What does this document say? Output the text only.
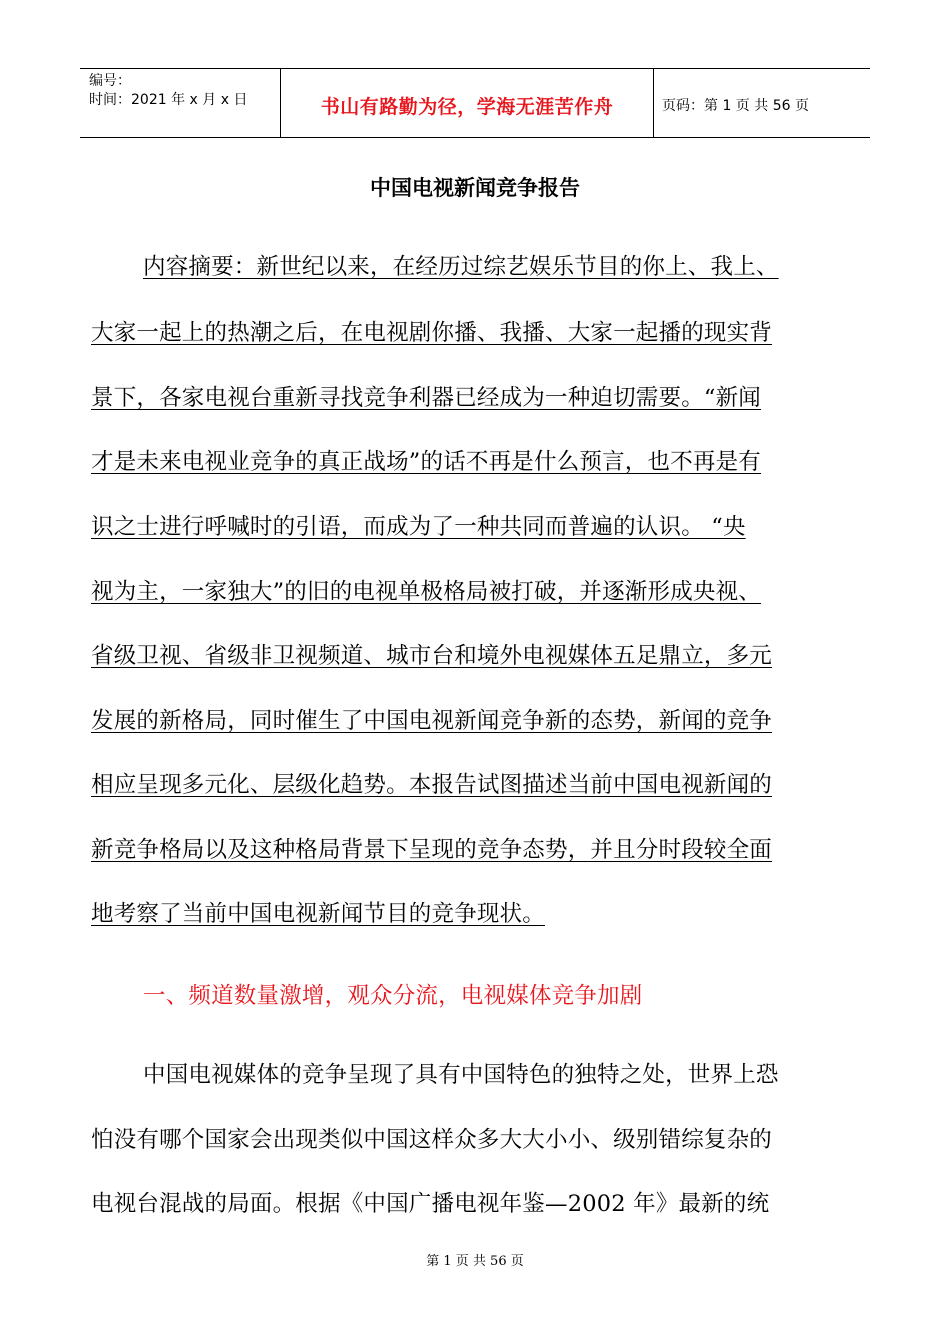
编号：
时间：2021 年 x 月 x 日	书山有路勤为径，学海无涯苦作舟	页码：第 1 页 共 56 页
中国电视新闻竞争报告
内容摘要：新世纪以来，在经历过综艺娱乐节目的你上、我上、
大家一起上的热潮之后，在电视剧你播、我播、大家一起播的现实背
景下，各家电视台重新寻找竞争利器已经成为一种迫切需要。“新闻
才是未来电视业竞争的真正战场”的话不再是什么预言，也不再是有
识之士进行呼喊时的引语，而成为了一种共同而普遍的认识。 “央
视为主，一家独大”的旧的电视单极格局被打破，并逐渐形成央视、
省级卫视、省级非卫视频道、城市台和境外电视媒体五足鼎立，多元
发展的新格局，同时催生了中国电视新闻竞争新的态势，新闻的竞争
相应呈现多元化、层级化趋势。本报告试图描述当前中国电视新闻的
新竞争格局以及这种格局背景下呈现的竞争态势，并且分时段较全面
地考察了当前中国电视新闻节目的竞争现状。
一、频道数量激增，观众分流，电视媒体竞争加剧
中国电视媒体的竞争呈现了具有中国特色的独特之处，世界上恐
怕没有哪个国家会出现类似中国这样众多大大小小、级别错综复杂的
电视台混战的局面。根据《中国广播电视年鉴—2002 年》最新的统
第 1 页 共 56 页
